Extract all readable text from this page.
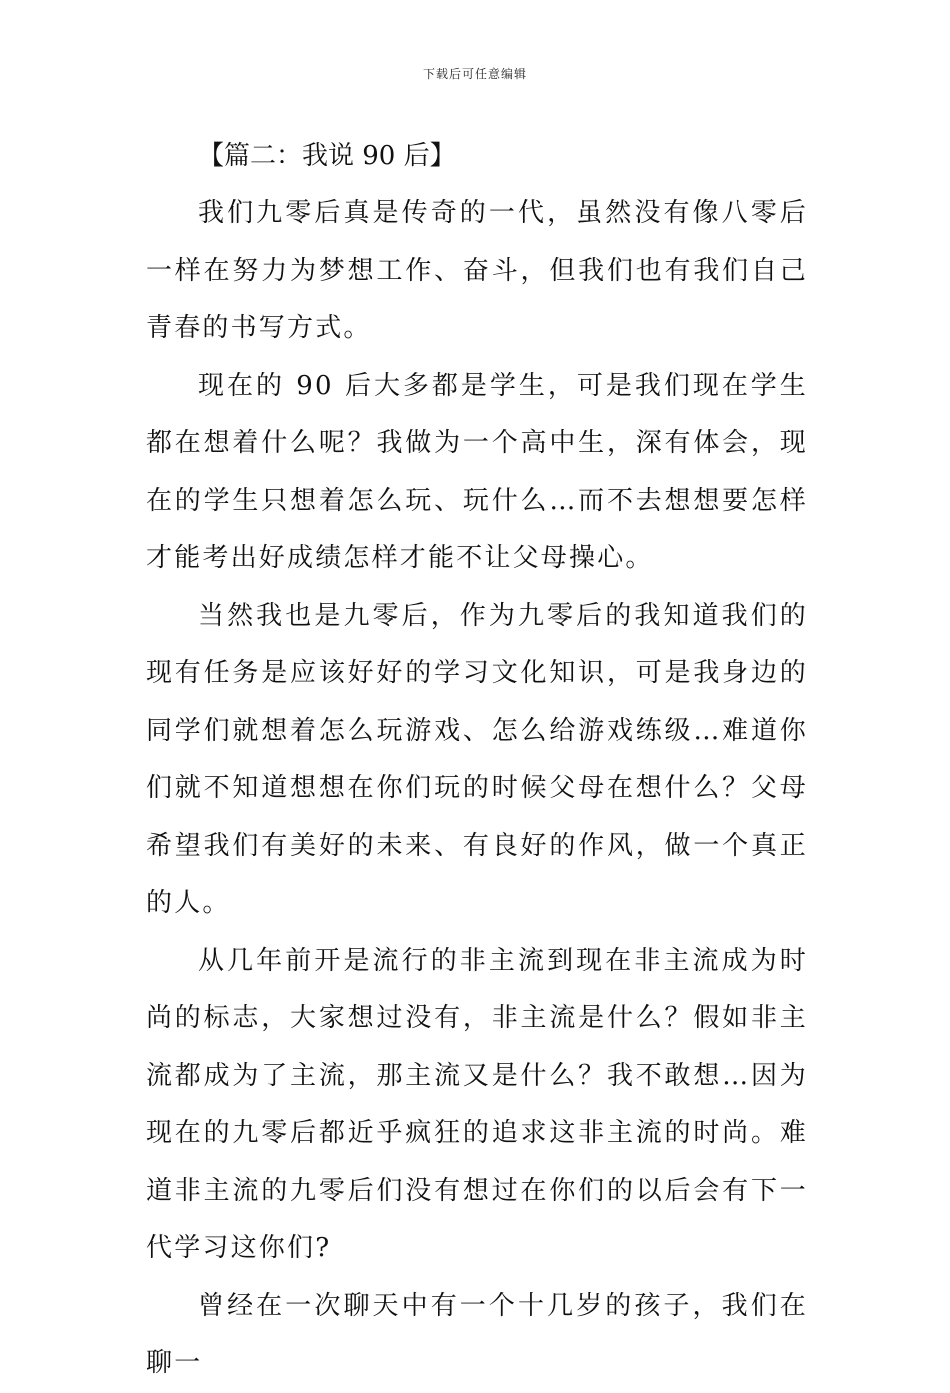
下载后可任意编辑

【篇二：我说 90 后】

我们九零后真是传奇的一代，虽然没有像八零后一样在努力为梦想工作、奋斗，但我们也有我们自己青春的书写方式。

现在的 90 后大多都是学生，可是我们现在学生都在想着什么呢？我做为一个高中生，深有体会，现在的学生只想着怎么玩、玩什么…而不去想想要怎样才能考出好成绩怎样才能不让父母操心。

当然我也是九零后，作为九零后的我知道我们的现有任务是应该好好的学习文化知识，可是我身边的同学们就想着怎么玩游戏、怎么给游戏练级…难道你们就不知道想想在你们玩的时候父母在想什么？父母希望我们有美好的未来、有良好的作风，做一个真正的人。

从几年前开是流行的非主流到现在非主流成为时尚的标志，大家想过没有，非主流是什么？假如非主流都成为了主流，那主流又是什么？我不敢想…因为现在的九零后都近乎疯狂的追求这非主流的时尚。难道非主流的九零后们没有想过在你们的以后会有下一代学习这你们?

曾经在一次聊天中有一个十几岁的孩子，我们在聊一
